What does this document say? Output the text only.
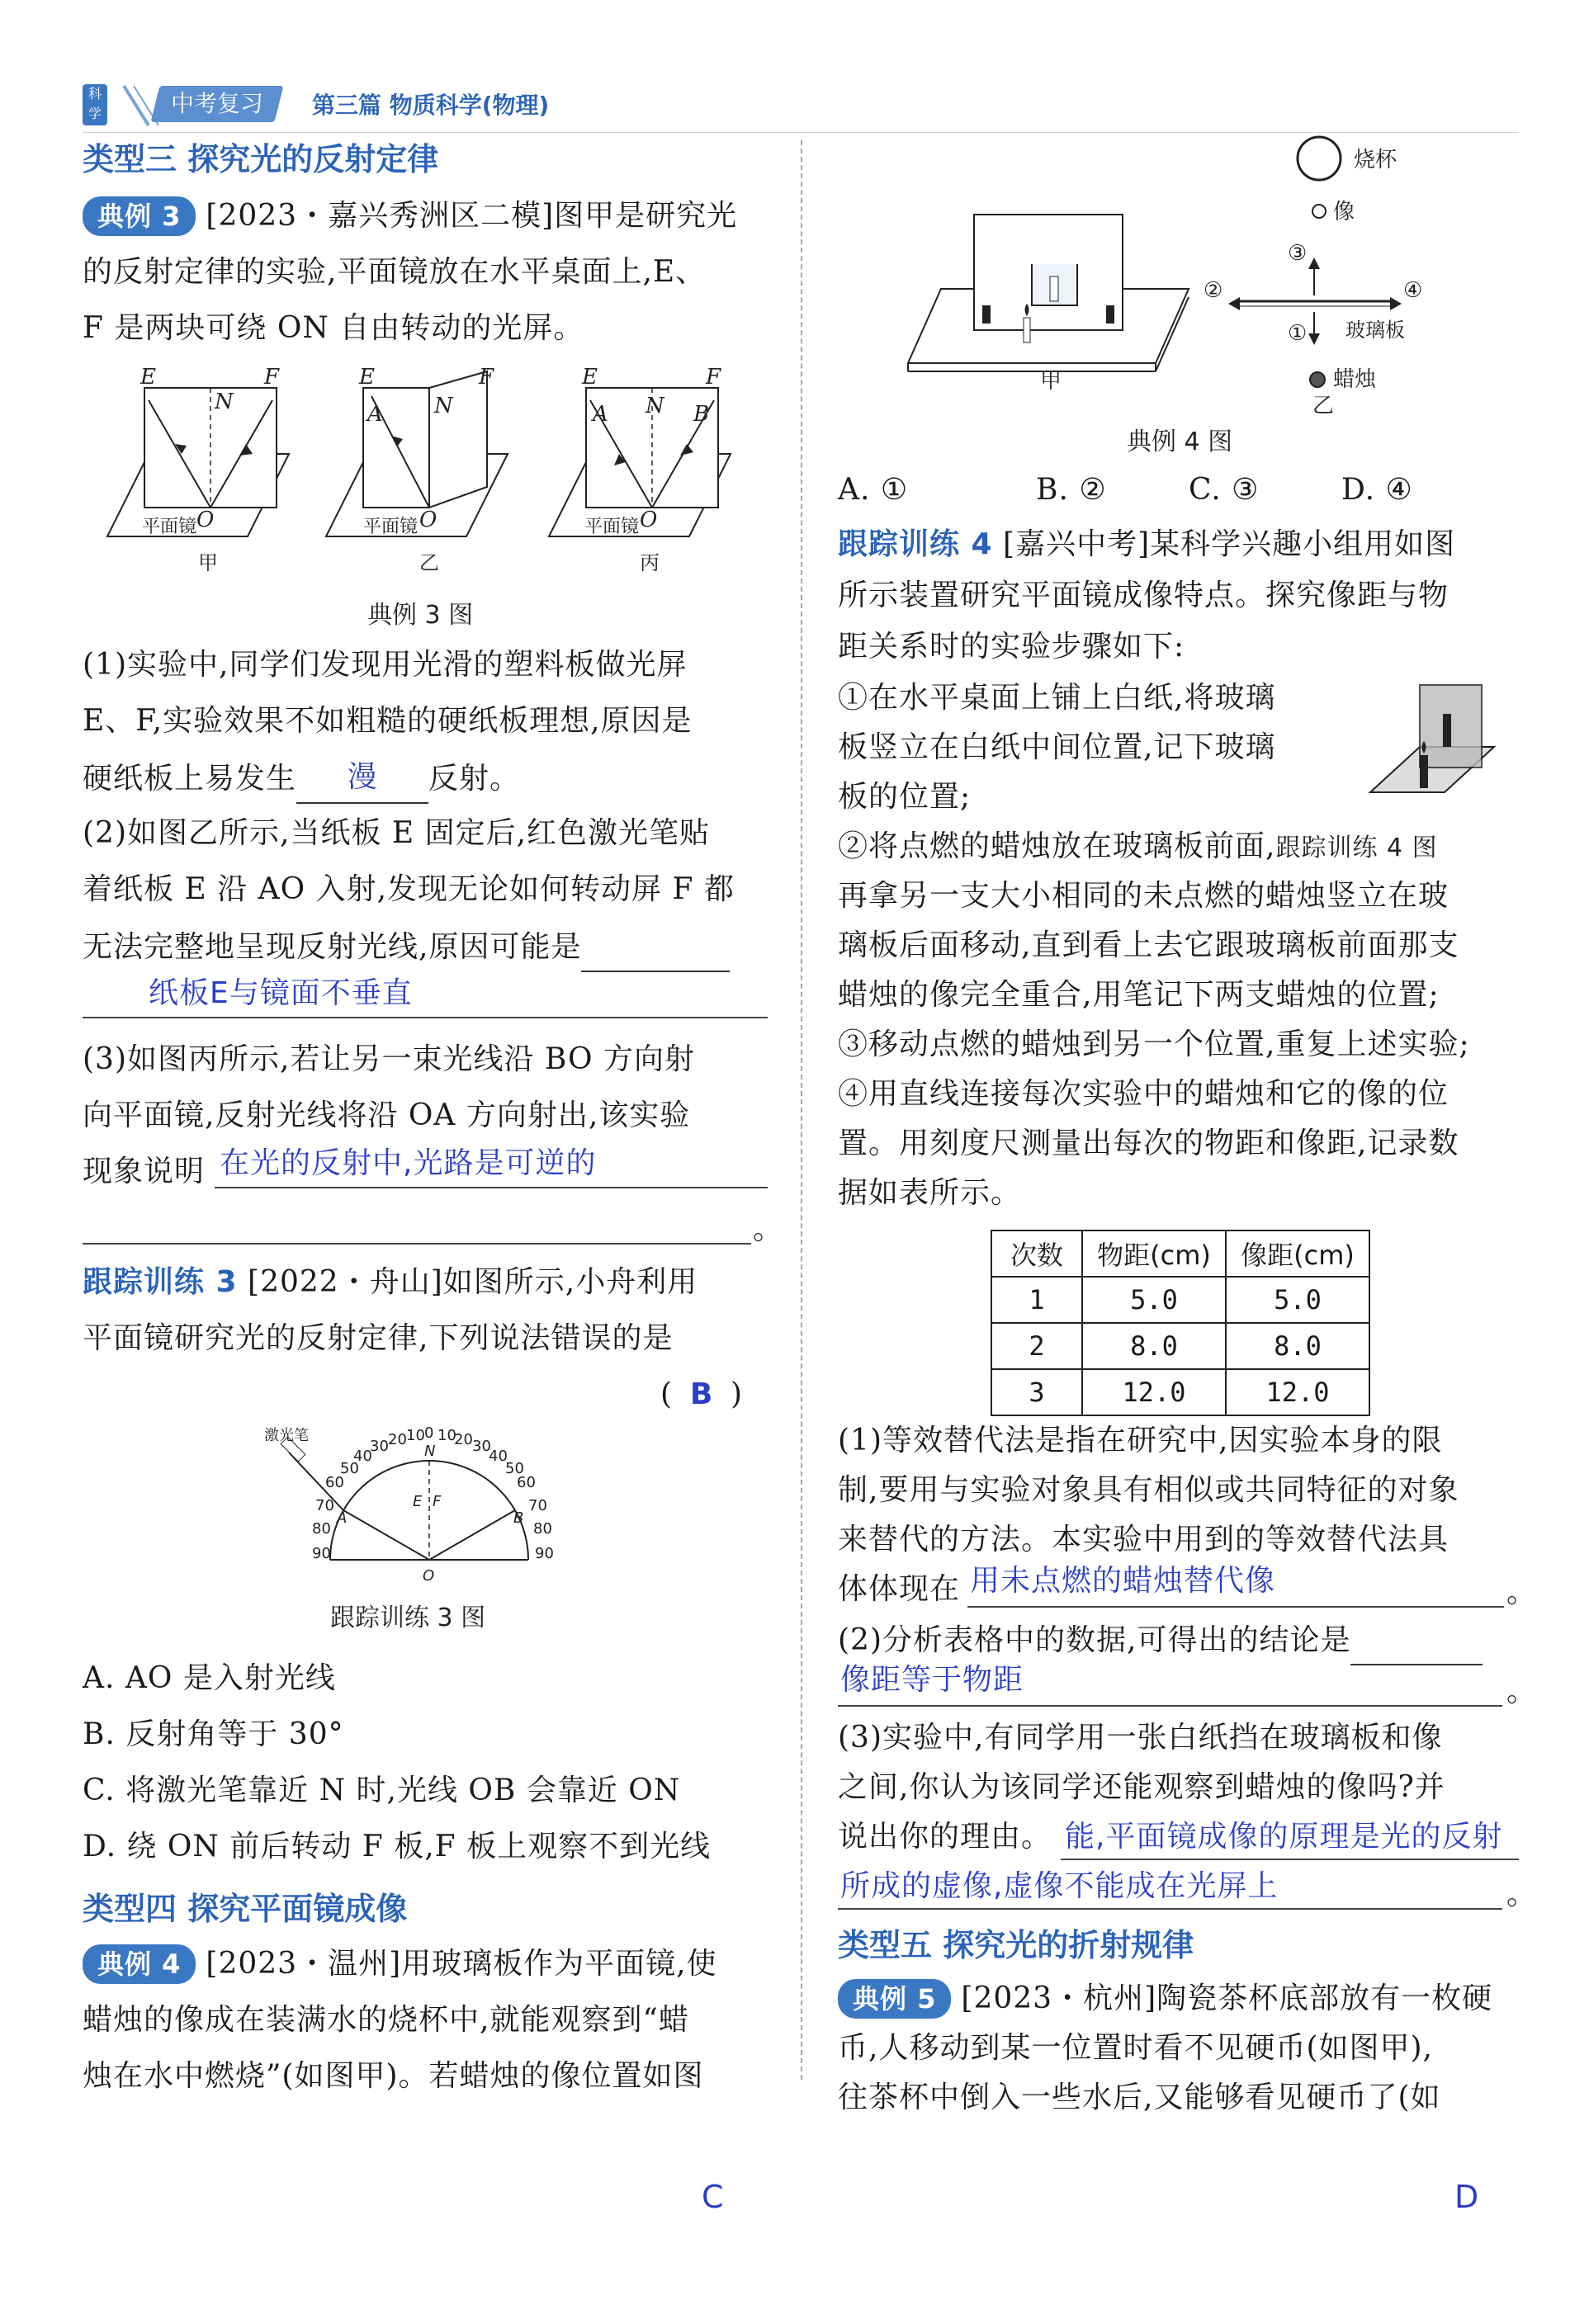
科学	中考复习	第三篇 物质科学(物理)
类型三 探究光的反射定律
典例 3 [2023・嘉兴秀洲区二模]图甲是研究光
的反射定律的实验,平面镜放在水平桌面上,E、
F 是两块可绕 ON 自由转动的光屏。
E	F
N
O
平面镜
甲
E	F
N
A
O
平面镜
乙
E	F
N
A	B
O
平面镜
丙
典例 3 图
(1)实验中,同学们发现用光滑的塑料板做光屏
E、F,实验效果不如粗糙的硬纸板理想,原因是
硬纸板上易发生 漫 反射。
(2)如图乙所示,当纸板 E 固定后,红色激光笔贴
着纸板 E 沿 AO 入射,发现无论如何转动屏 F 都
无法完整地呈现反射光线,原因可能是
纸板E与镜面不垂直
(3)如图丙所示,若让另一束光线沿 BO 方向射
向平面镜,反射光线将沿 OA 方向射出,该实验
现象说明 在光的反射中,光路是可逆的
。
跟踪训练 3 [2022・舟山]如图所示,小舟利用
平面镜研究光的反射定律,下列说法错误的是
( B )
激光笔
50
40
30 20 10 0 10
20 30
40
50
60	60
70	70
80	80
90	90
N
E F
A	B
O
跟踪训练 3 图
A. AO 是入射光线
B. 反射角等于 30°
C. 将激光笔靠近 N 时,光线 OB 会靠近 ON
D. 绕 ON 前后转动 F 板,F 板上观察不到光线
类型四 探究平面镜成像
典例 4 [2023・温州]用玻璃板作为平面镜,使
蜡烛的像成在装满水的烧杯中,就能观察到“蜡
烛在水中燃烧”(如图甲)。若蜡烛的像位置如图
甲
烧杯
像
②
③
④
① 玻璃板
蜡烛
乙
典例 4 图
A. ①	B. ②	C. ③	D. ④
跟踪训练 4 [嘉兴中考]某科学兴趣小组用如图
所示装置研究平面镜成像特点。探究像距与物
距关系时的实验步骤如下:
①在水平桌面上铺上白纸,将玻璃
板竖立在白纸中间位置,记下玻璃
板的位置;
②将点燃的蜡烛放在玻璃板前面,跟踪训练 4 图
再拿另一支大小相同的未点燃的蜡烛竖立在玻
璃板后面移动,直到看上去它跟玻璃板前面那支
蜡烛的像完全重合,用笔记下两支蜡烛的位置;
③移动点燃的蜡烛到另一个位置,重复上述实验;
④用直线连接每次实验中的蜡烛和它的像的位
置。用刻度尺测量出每次的物距和像距,记录数
据如表所示。
次数	物距(cm)	像距(cm)
1	5.0	5.0
2	8.0	8.0
3	12.0	12.0
(1)等效替代法是指在研究中,因实验本身的限
制,要用与实验对象具有相似或共同特征的对象
来替代的方法。本实验中用到的等效替代法具
体体现在 用未点燃的蜡烛替代像	。
(2)分析表格中的数据,可得出的结论是
像距等于物距	。
(3)实验中,有同学用一张白纸挡在玻璃板和像
之间,你认为该同学还能观察到蜡烛的像吗?并
说出你的理由。 能,平面镜成像的原理是光的反射
所成的虚像,虚像不能成在光屏上	。
类型五 探究光的折射规律
典例 5 [2023・杭州]陶瓷茶杯底部放有一枚硬
币,人移动到某一位置时看不见硬币(如图甲),
往茶杯中倒入一些水后,又能够看见硬币了(如
C	D
